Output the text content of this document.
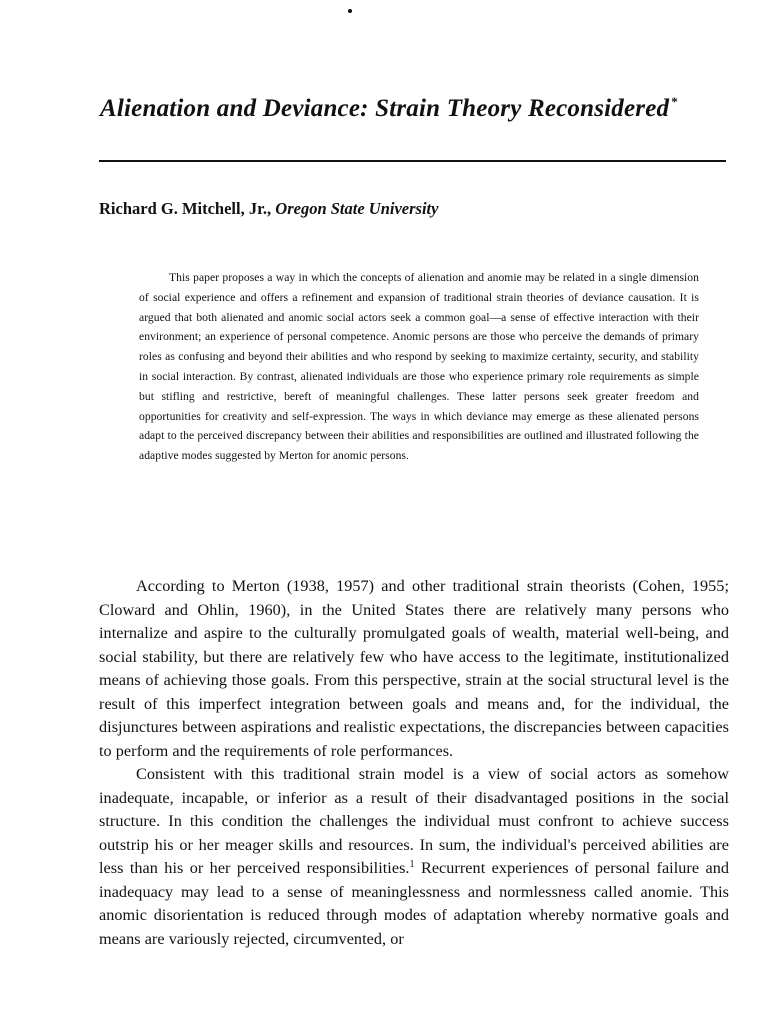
Alienation and Deviance: Strain Theory Reconsidered *
Richard G. Mitchell, Jr., Oregon State University

This paper proposes a way in which the concepts of alienation and anomie may be related in a single dimension of social experience and offers a refinement and expansion of traditional strain theories of deviance causation. It is argued that both alienated and anomic social actors seek a common goal—a sense of effective interaction with their environment; an experience of personal competence. Anomic persons are those who perceive the demands of primary roles as confusing and beyond their abilities and who respond by seeking to maximize certainty, security, and stability in social interaction. By contrast, alienated individuals are those who experience primary role requirements as simple but stifling and restrictive, bereft of meaningful challenges. These latter persons seek greater freedom and opportunities for creativity and self-expression. The ways in which deviance may emerge as these alienated persons adapt to the perceived discrepancy between their abilities and responsibilities are outlined and illustrated following the adaptive modes suggested by Merton for anomic persons.

According to Merton (1938, 1957) and other traditional strain theorists (Cohen, 1955; Cloward and Ohlin, 1960), in the United States there are relatively many persons who internalize and aspire to the culturally promulgated goals of wealth, material well-being, and social stability, but there are relatively few who have access to the legitimate, institutionalized means of achieving those goals. From this perspective, strain at the social structural level is the result of this imperfect integration between goals and means and, for the individual, the disjunctures between aspirations and realistic expectations, the discrepancies between capacities to perform and the requirements of role performances.

Consistent with this traditional strain model is a view of social actors as somehow inadequate, incapable, or inferior as a result of their disadvantaged positions in the social structure. In this condition the challenges the individual must confront to achieve success outstrip his or her meager skills and resources. In sum, the individual's perceived abilities are less than his or her perceived responsibilities.$^1$ Recurrent experiences of personal failure and inadequacy may lead to a sense of meaninglessness and normlessness called anomie. This anomic disorientation is reduced through modes of adaptation whereby normative goals and means are variously rejected, circumvented, or
